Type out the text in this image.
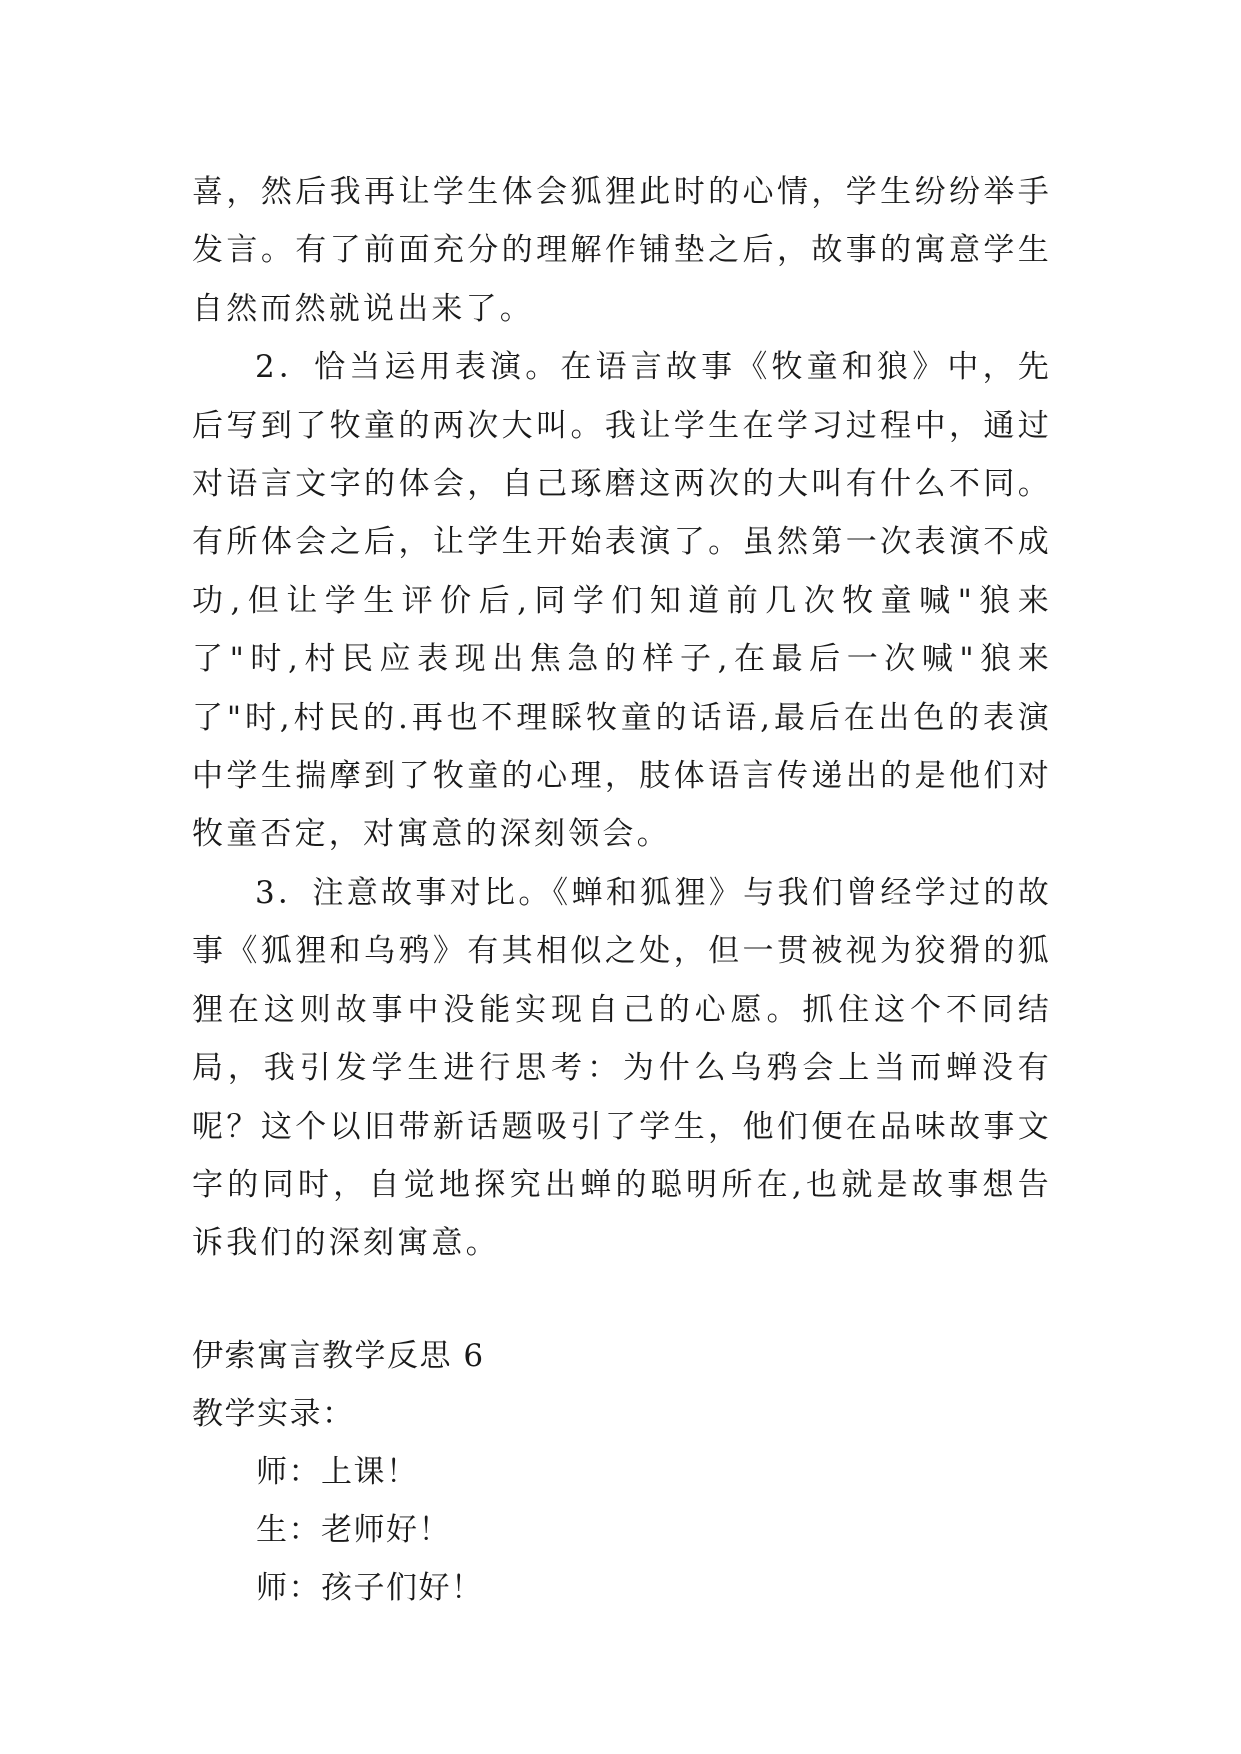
喜，然后我再让学生体会狐狸此时的心情，学生纷纷举手发言。有了前面充分的理解作铺垫之后，故事的寓意学生自然而然就说出来了。

2．恰当运用表演。在语言故事《牧童和狼》中，先后写到了牧童的两次大叫。我让学生在学习过程中，通过对语言文字的体会，自己琢磨这两次的大叫有什么不同。有所体会之后，让学生开始表演了。虽然第一次表演不成功,但让学生评价后,同学们知道前几次牧童喊"狼来了"时,村民应表现出焦急的样子,在最后一次喊"狼来了"时,村民的.再也不理睬牧童的话语,最后在出色的表演中学生揣摩到了牧童的心理，肢体语言传递出的是他们对牧童否定，对寓意的深刻领会。

3．注意故事对比。《蝉和狐狸》与我们曾经学过的故事《狐狸和乌鸦》有其相似之处，但一贯被视为狡猾的狐狸在这则故事中没能实现自己的心愿。抓住这个不同结局，我引发学生进行思考：为什么乌鸦会上当而蝉没有呢？这个以旧带新话题吸引了学生，他们便在品味故事文字的同时，自觉地探究出蝉的聪明所在,也就是故事想告诉我们的深刻寓意。

伊索寓言教学反思 6

教学实录：

师：上课！

生：老师好！

师：孩子们好！
